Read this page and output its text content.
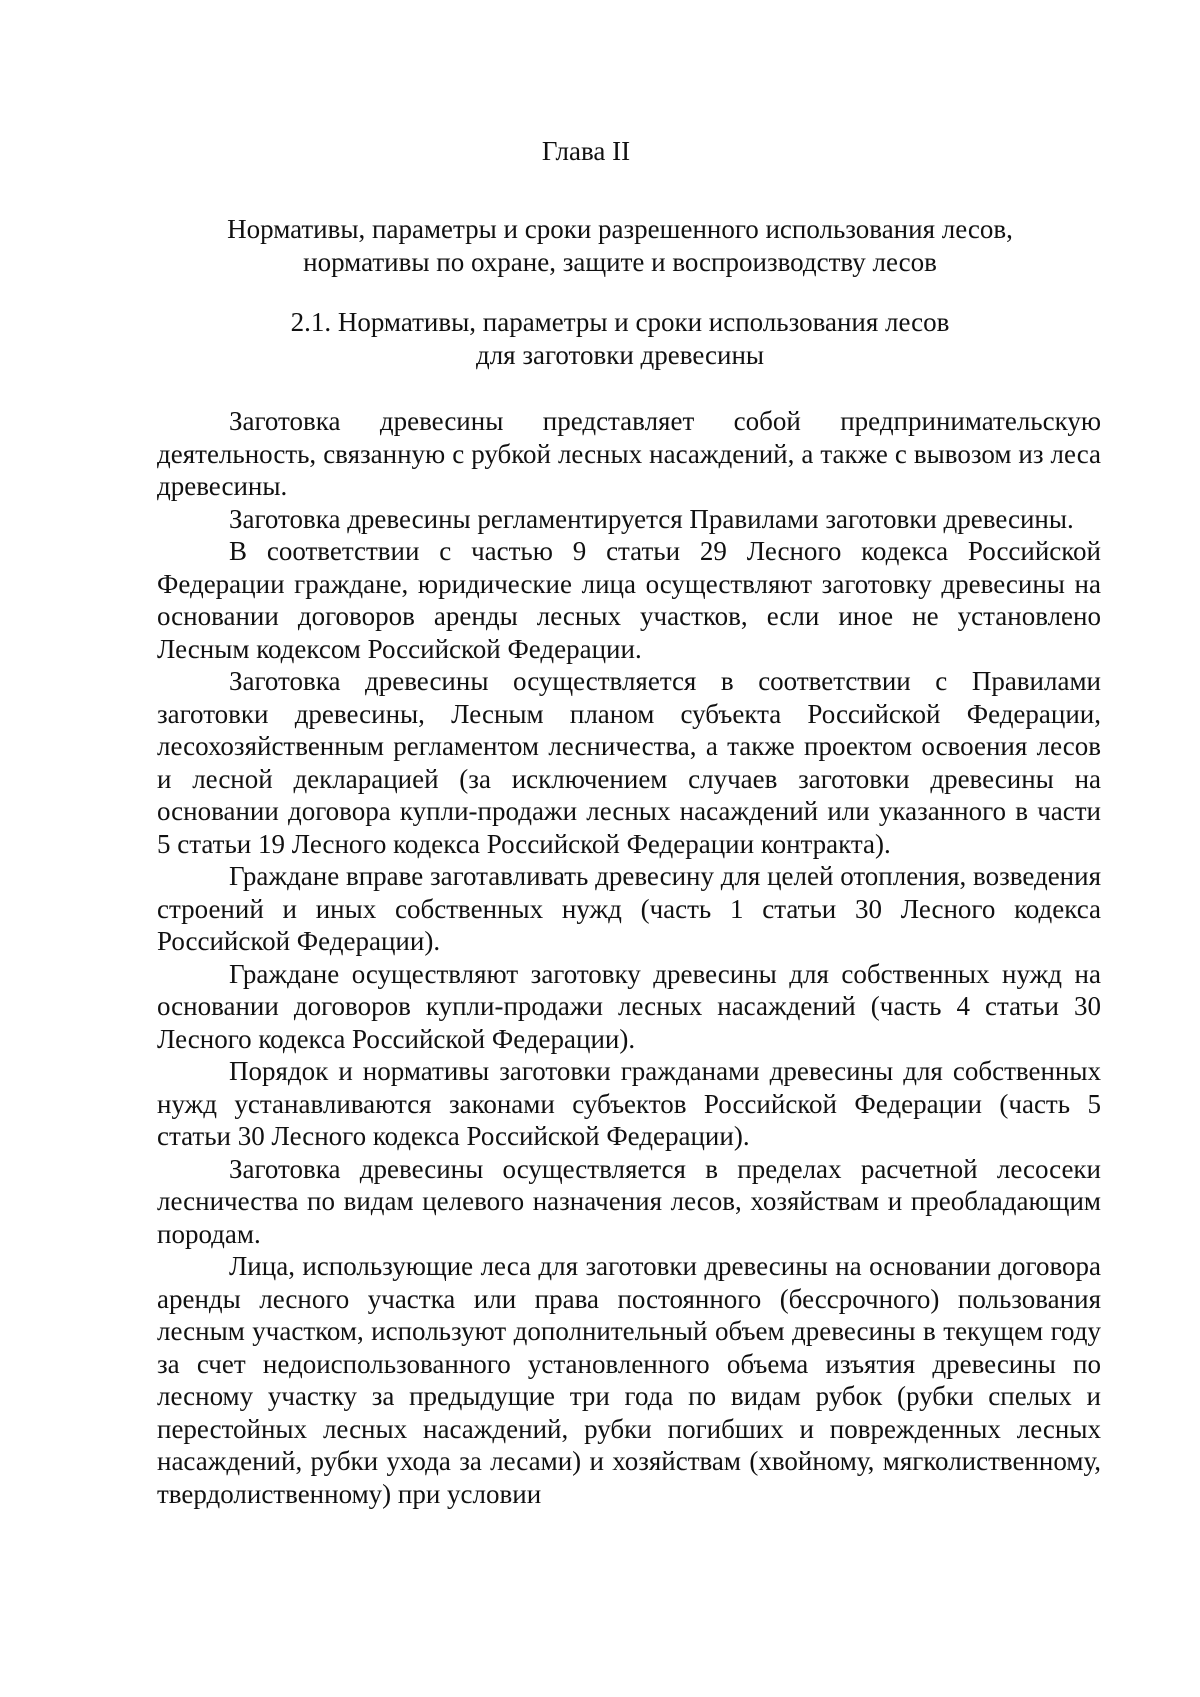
Глава II
Нормативы, параметры и сроки разрешенного использования лесов,
нормативы по охране, защите и воспроизводству лесов
2.1. Нормативы, параметры и сроки использования лесов
для заготовки древесины

Заготовка древесины представляет собой предпринимательскую деятельность, связанную с рубкой лесных насаждений, а также с вывозом из леса древесины.

Заготовка древесины регламентируется Правилами заготовки древесины.

В соответствии с частью 9 статьи 29 Лесного кодекса Российской Федерации граждане, юридические лица осуществляют заготовку древесины на основании договоров аренды лесных участков, если иное не установлено Лесным кодексом Российской Федерации.

Заготовка древесины осуществляется в соответствии с Правилами заготовки древесины, Лесным планом субъекта Российской Федерации, лесохозяйственным регламентом лесничества, а также проектом освоения лесов и лесной декларацией (за исключением случаев заготовки древесины на основании договора купли-продажи лесных насаждений или указанного в части 5 статьи 19 Лесного кодекса Российской Федерации контракта).

Граждане вправе заготавливать древесину для целей отопления, возведения строений и иных собственных нужд (часть 1 статьи 30 Лесного кодекса Российской Федерации).

Граждане осуществляют заготовку древесины для собственных нужд на основании договоров купли-продажи лесных насаждений (часть 4 статьи 30 Лесного кодекса Российской Федерации).

Порядок и нормативы заготовки гражданами древесины для собственных нужд устанавливаются законами субъектов Российской Федерации (часть 5 статьи 30 Лесного кодекса Российской Федерации).

Заготовка древесины осуществляется в пределах расчетной лесосеки лесничества по видам целевого назначения лесов, хозяйствам и преобладающим породам.

Лица, использующие леса для заготовки древесины на основании договора аренды лесного участка или права постоянного (бессрочного) пользования лесным участком, используют дополнительный объем древесины в текущем году за счет недоиспользованного установленного объема изъятия древесины по лесному участку за предыдущие три года по видам рубок (рубки спелых и перестойных лесных насаждений, рубки погибших и поврежденных лесных насаждений, рубки ухода за лесами) и хозяйствам (хвойному, мягколиственному, твердолиственному) при условии
